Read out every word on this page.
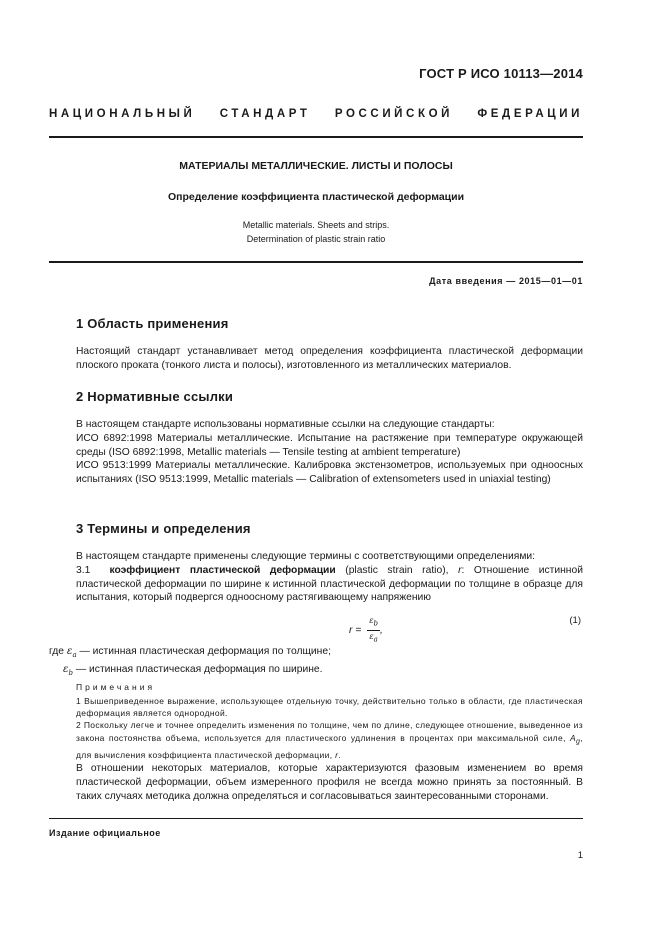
ГОСТ Р ИСО 10113—2014
НАЦИОНАЛЬНЫЙ СТАНДАРТ РОССИЙСКОЙ ФЕДЕРАЦИИ
МАТЕРИАЛЫ МЕТАЛЛИЧЕСКИЕ. ЛИСТЫ И ПОЛОСЫ
Определение коэффициента пластической деформации
Metallic materials. Sheets and strips.
Determination of plastic strain ratio
Дата введения — 2015—01—01
1 Область применения
Настоящий стандарт устанавливает метод определения коэффициента пластической деформации плоского проката (тонкого листа и полосы), изготовленного из металлических материалов.
2 Нормативные ссылки
В настоящем стандарте использованы нормативные ссылки на следующие стандарты:
ИСО 6892:1998 Материалы металлические. Испытание на растяжение при температуре окружающей среды (ISO 6892:1998, Metallic materials — Tensile testing at ambient temperature)
ИСО 9513:1999 Материалы металлические. Калибровка экстензометров, используемых при одноосных испытаниях (ISO 9513:1999, Metallic materials — Calibration of extensometers used in uniaxial testing)
3 Термины и определения
В настоящем стандарте применены следующие термины с соответствующими определениями:
3.1 коэффициент пластической деформации (plastic strain ratio), r: Отношение истинной пластической деформации по ширине к истинной пластической деформации по толщине в образце для испытания, который подвергся одноосному растягивающему напряжению
$r = \frac{\varepsilon_b}{\varepsilon_a}$ ,
(1)
где $\varepsilon_a$ — истинная пластическая деформация по толщине;
$\varepsilon_b$ — истинная пластическая деформация по ширине.
Примечания
1 Вышеприведенное выражение, использующее отдельную точку, действительно только в области, где пластическая деформация является однородной.
2 Поскольку легче и точнее определить изменения по толщине, чем по длине, следующее отношение, выведенное из закона постоянства объема, используется для пластического удлинения в процентах при максимальной силе, $A_g$, для вычисления коэффициента пластической деформации, r.
В отношении некоторых материалов, которые характеризуются фазовым изменением во время пластической деформации, объем измеренного профиля не всегда можно принять за постоянный. В таких случаях методика должна определяться и согласовываться заинтересованными сторонами.
Издание официальное
1
